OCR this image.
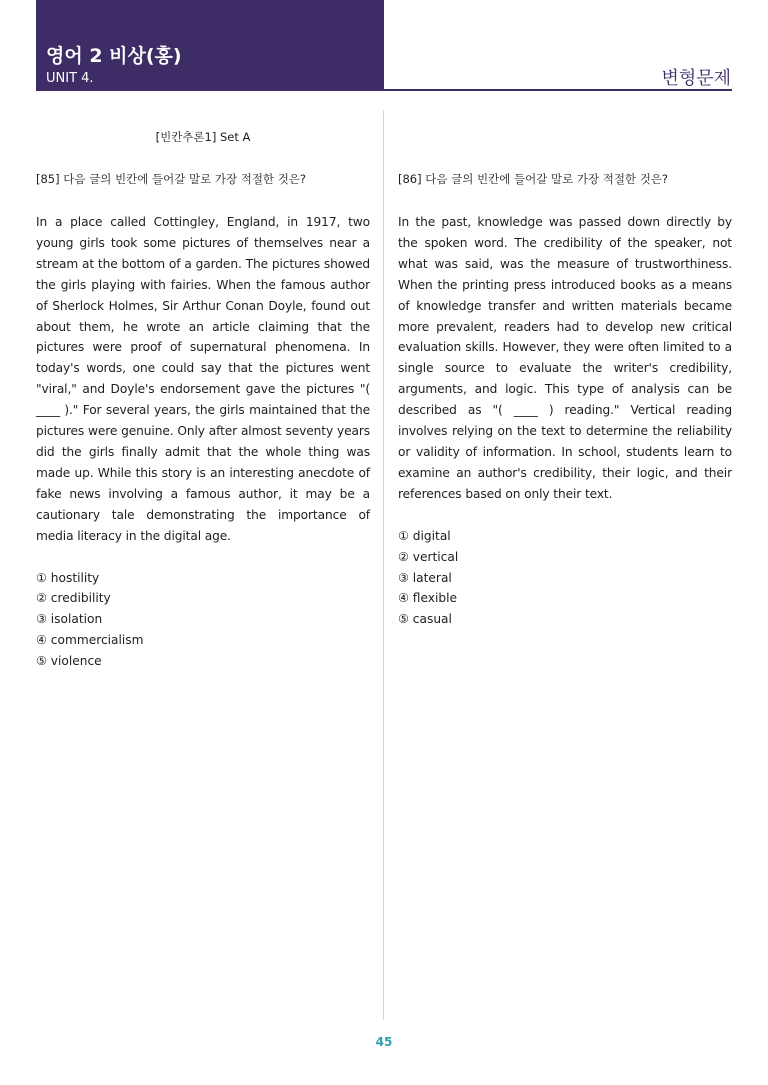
영어 2 비상(홍)
UNIT 4.	변형문제
[빈칸추론1] Set A
[85] 다음 글의 빈칸에 들어갈 말로 가장 적절한 것은?
In a place called Cottingley, England, in 1917, two young girls took some pictures of themselves near a stream at the bottom of a garden. The pictures showed the girls playing with fairies. When the famous author of Sherlock Holmes, Sir Arthur Conan Doyle, found out about them, he wrote an article claiming that the pictures were proof of supernatural phenomena. In today's words, one could say that the pictures went "viral," and Doyle's endorsement gave the pictures "( ____ )." For several years, the girls maintained that the pictures were genuine. Only after almost seventy years did the girls finally admit that the whole thing was made up. While this story is an interesting anecdote of fake news involving a famous author, it may be a cautionary tale demonstrating the importance of media literacy in the digital age.
① hostility
② credibility
③ isolation
④ commercialism
⑤ violence
[86] 다음 글의 빈칸에 들어갈 말로 가장 적절한 것은?
In the past, knowledge was passed down directly by the spoken word. The credibility of the speaker, not what was said, was the measure of trustworthiness. When the printing press introduced books as a means of knowledge transfer and written materials became more prevalent, readers had to develop new critical evaluation skills. However, they were often limited to a single source to evaluate the writer's credibility, arguments, and logic. This type of analysis can be described as "( ____ ) reading." Vertical reading involves relying on the text to determine the reliability or validity of information. In school, students learn to examine an author's credibility, their logic, and their references based on only their text.
① digital
② vertical
③ lateral
④ flexible
⑤ casual
45
